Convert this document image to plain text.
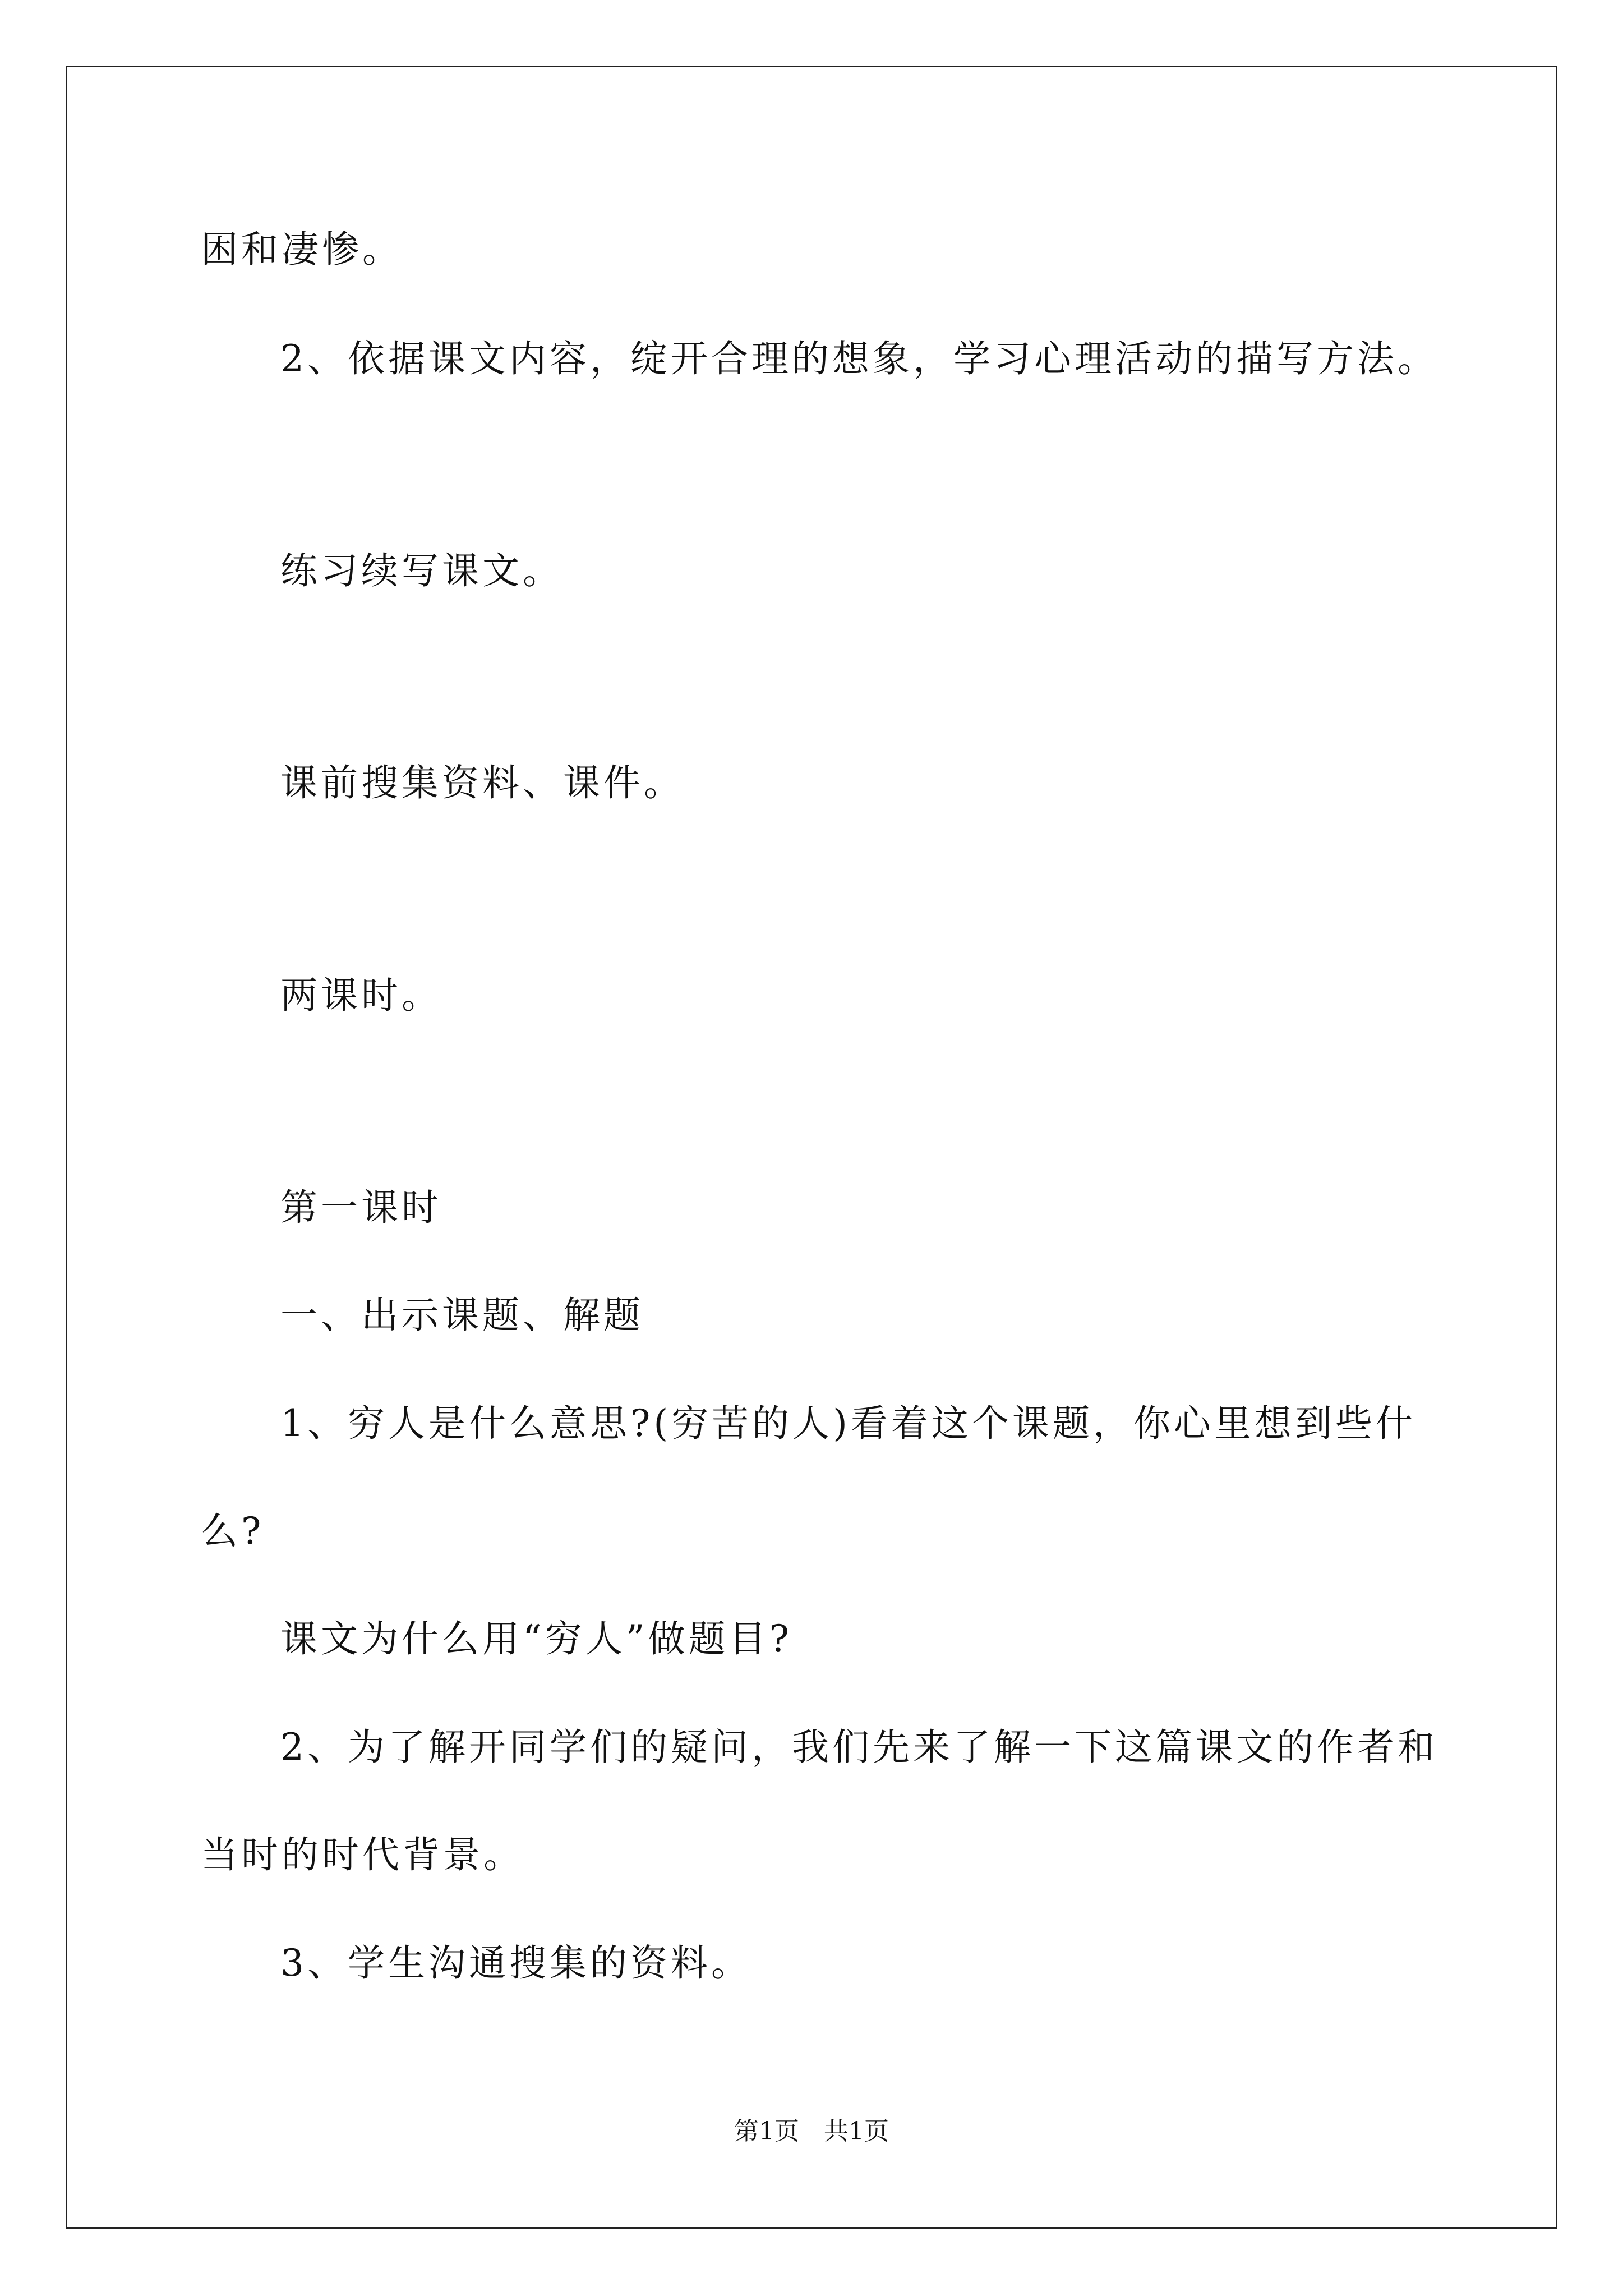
困和凄惨。
2、依据课文内容，绽开合理的想象，学习心理活动的描写方法。
练习续写课文。
课前搜集资料、课件。
两课时。
第一课时
一、出示课题、解题
1、穷人是什么意思?(穷苦的人)看着这个课题，你心里想到些什
么?
课文为什么用“穷人”做题目?
2、为了解开同学们的疑问，我们先来了解一下这篇课文的作者和
当时的时代背景。
3、学生沟通搜集的资料。
第1页　共1页
